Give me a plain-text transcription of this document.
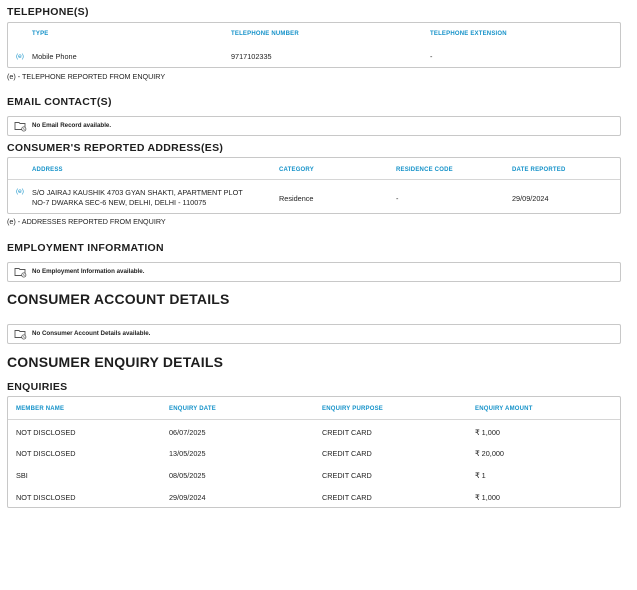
TELEPHONE(S)
TYPE	TELEPHONE NUMBER	TELEPHONE EXTENSION
(e) Mobile Phone	9717102335	-
(e) - TELEPHONE REPORTED FROM ENQUIRY
EMAIL CONTACT(S)
No Email Record available.
CONSUMER'S REPORTED ADDRESS(ES)
ADDRESS	CATEGORY	RESIDENCE CODE	DATE REPORTED
(e) S/O JAIRAJ KAUSHIK 4703 GYAN SHAKTI, APARTMENT PLOT
NO-7 DWARKA SEC-6 NEW, DELHI, DELHI - 110075	Residence	-	29/09/2024
(e) - ADDRESSES REPORTED FROM ENQUIRY
EMPLOYMENT INFORMATION
No Employment Information available.
CONSUMER ACCOUNT DETAILS
No Consumer Account Details available.
CONSUMER ENQUIRY DETAILS
ENQUIRIES
MEMBER NAME	ENQUIRY DATE	ENQUIRY PURPOSE	ENQUIRY AMOUNT
NOT DISCLOSED	06/07/2025	CREDIT CARD	₹ 1,000
NOT DISCLOSED	13/05/2025	CREDIT CARD	₹ 20,000
SBI	08/05/2025	CREDIT CARD	₹ 1
NOT DISCLOSED	29/09/2024	CREDIT CARD	₹ 1,000
